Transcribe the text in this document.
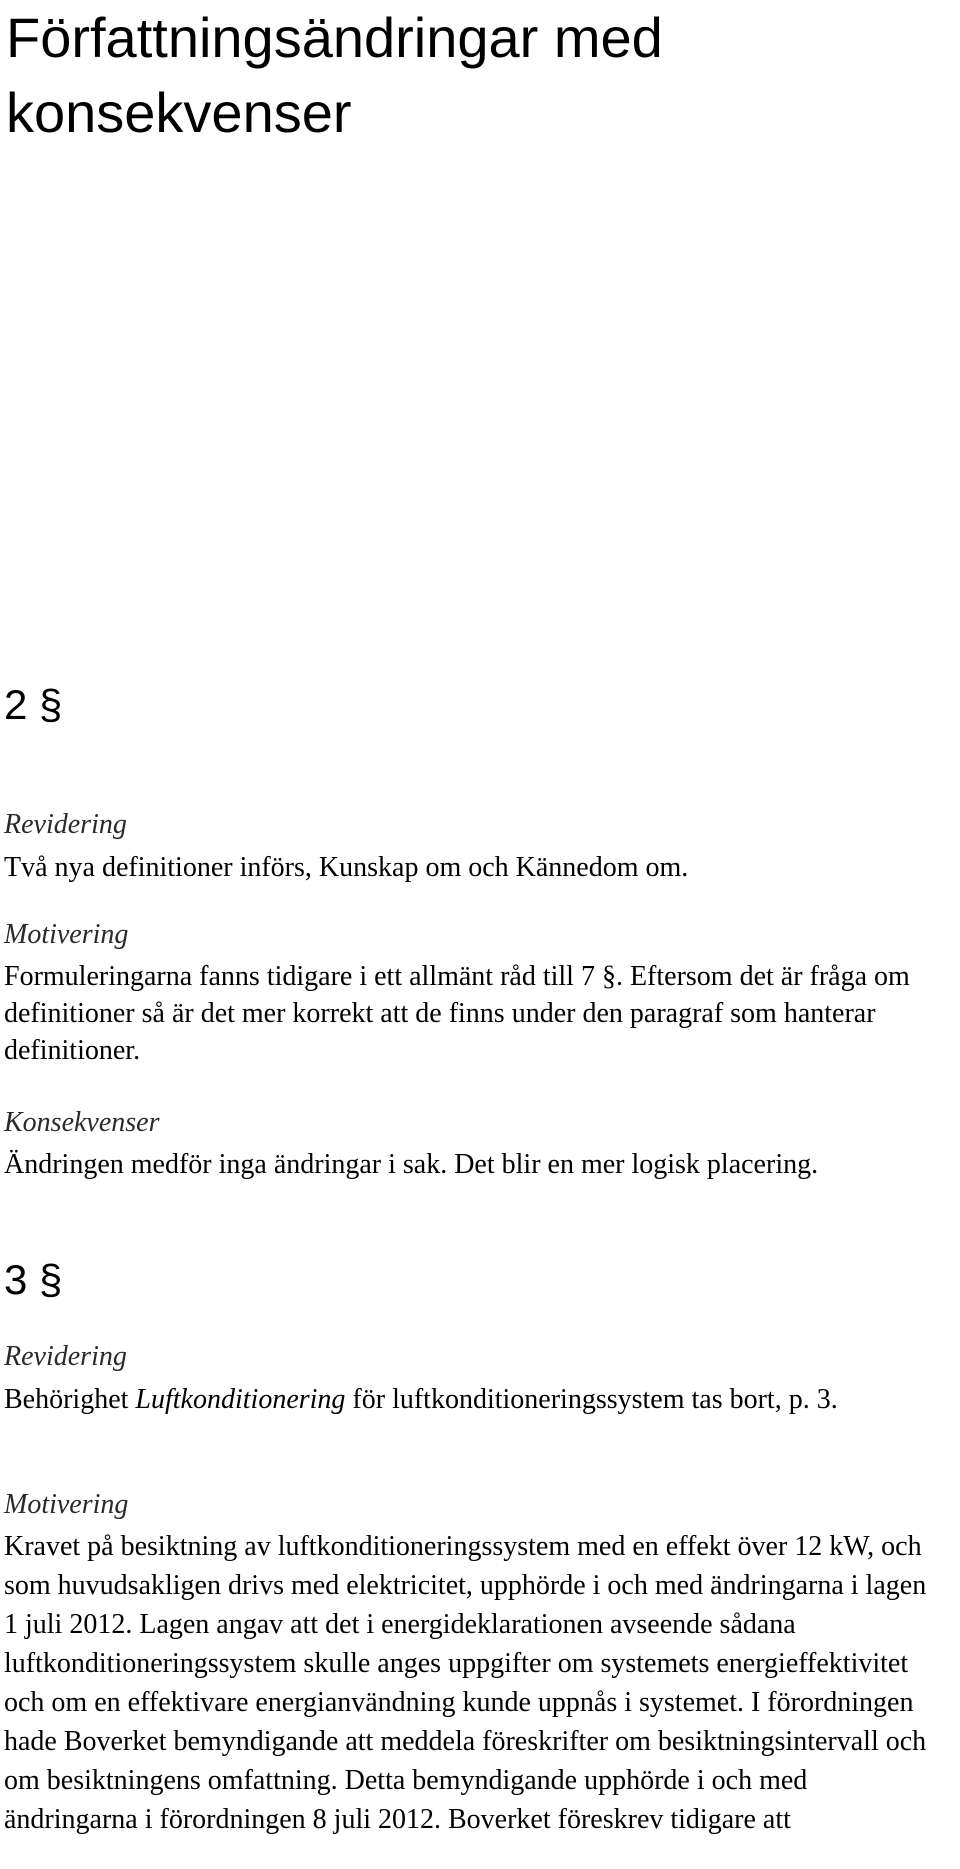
Författningsändringar med konsekvenser
2 §

Revidering

Två nya definitioner införs, Kunskap om och Kännedom om.

Motivering

Formuleringarna fanns tidigare i ett allmänt råd till 7 §. Eftersom det är fråga om definitioner så är det mer korrekt att de finns under den paragraf som hanterar definitioner.

Konsekvenser

Ändringen medför inga ändringar i sak. Det blir en mer logisk placering.

3 §

Revidering

Behörighet Luftkonditionering för luftkonditioneringssystem tas bort, p. 3.

Motivering

Kravet på besiktning av luftkonditioneringssystem med en effekt över 12 kW, och som huvudsakligen drivs med elektricitet, upphörde i och med ändringarna i lagen 1 juli 2012. Lagen angav att det i energideklarationen avseende sådana luftkonditioneringssystem skulle anges uppgifter om systemets energieffektivitet och om en effektivare energianvändning kunde uppnås i systemet. I förordningen hade Boverket bemyndigande att meddela föreskrifter om besiktningsintervall och om besiktningens omfattning. Detta bemyndigande upphörde i och med ändringarna i förordningen 8 juli 2012. Boverket föreskrev tidigare att
